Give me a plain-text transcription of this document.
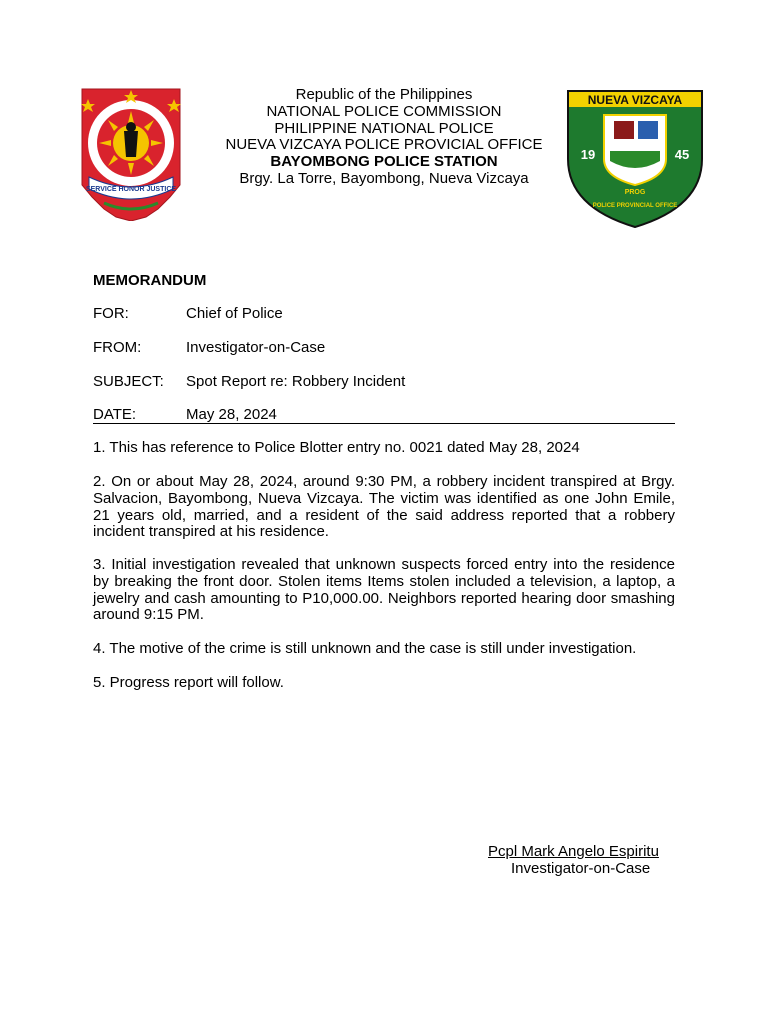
SERVICE HONOR JUSTICE
Republic of the Philippines
NATIONAL POLICE COMMISSION
PHILIPPINE NATIONAL POLICE
NUEVA VIZCAYA POLICE PROVICIAL OFFICE
BAYOMBONG POLICE STATION
Brgy. La Torre, Bayombong, Nueva Vizcaya
NUEVA VIZCAYA
19	45
PROG
POLICE PROVINCIAL OFFICE
MEMORANDUM
FOR:	Chief of Police
FROM:	Investigator-on-Case
SUBJECT: Spot Report re: Robbery Incident
DATE:	May 28, 2024
1. This has reference to Police Blotter entry no. 0021 dated May 28, 2024
2. On or about May 28, 2024, around 9:30 PM, a robbery incident transpired at Brgy. Salvacion, Bayombong, Nueva Vizcaya. The victim was identified as one John Emile, 21 years old, married, and a resident of the said address reported that a robbery incident transpired at his residence.
3. Initial investigation revealed that unknown suspects forced entry into the residence by breaking the front door. Stolen items Items stolen included a television, a laptop, a jewelry and cash amounting to P10,000.00. Neighbors reported hearing door smashing around 9:15 PM.
4. The motive of the crime is still unknown and the case is still under investigation.
5. Progress report will follow.
Pcpl Mark Angelo Espiritu
Investigator-on-Case
